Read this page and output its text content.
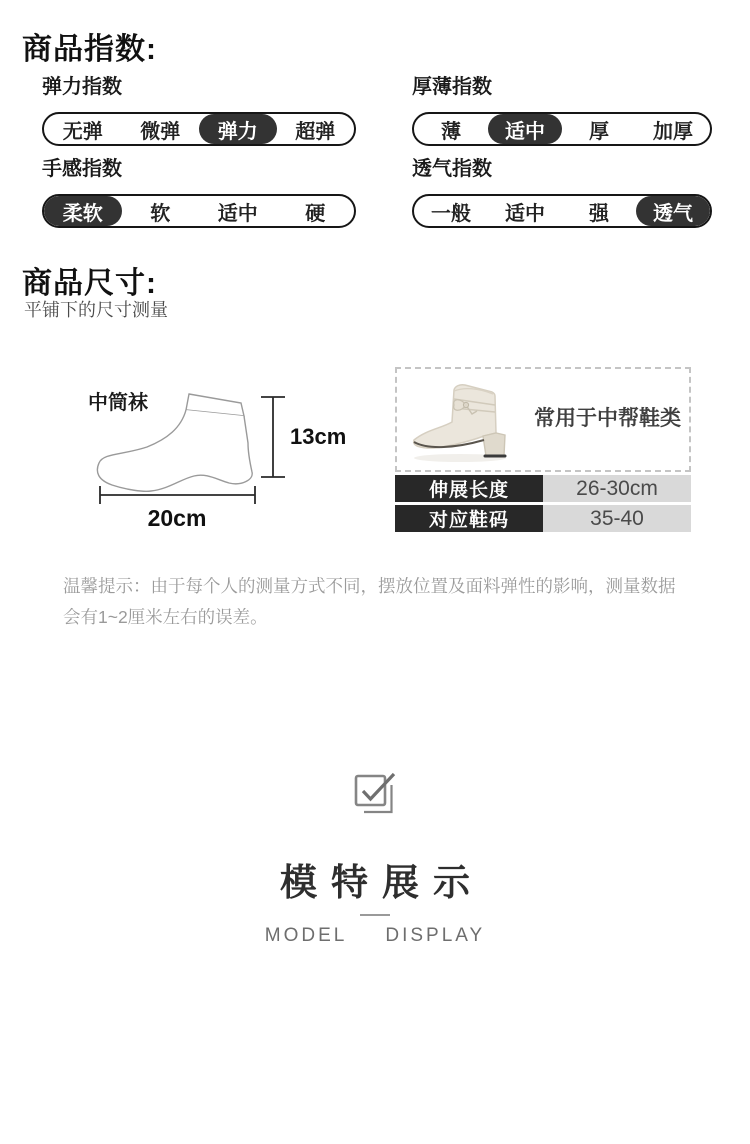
商品指数:
弹力指数
无弹	微弹	弹力	超弹
厚薄指数
薄	适中	厚	加厚
手感指数
柔软	软	适中	硬
透气指数
一般	适中	强	透气
商品尺寸:
平铺下的尺寸测量
中筒袜
13cm
20cm
常用于中帮鞋类
伸展长度	26-30cm
对应鞋码	35-40
温馨提示：由于每个人的测量方式不同，摆放位置及面料弹性的影响，测量数据
会有1~2厘米左右的误差。
模特展示
MODEL DISPLAY
